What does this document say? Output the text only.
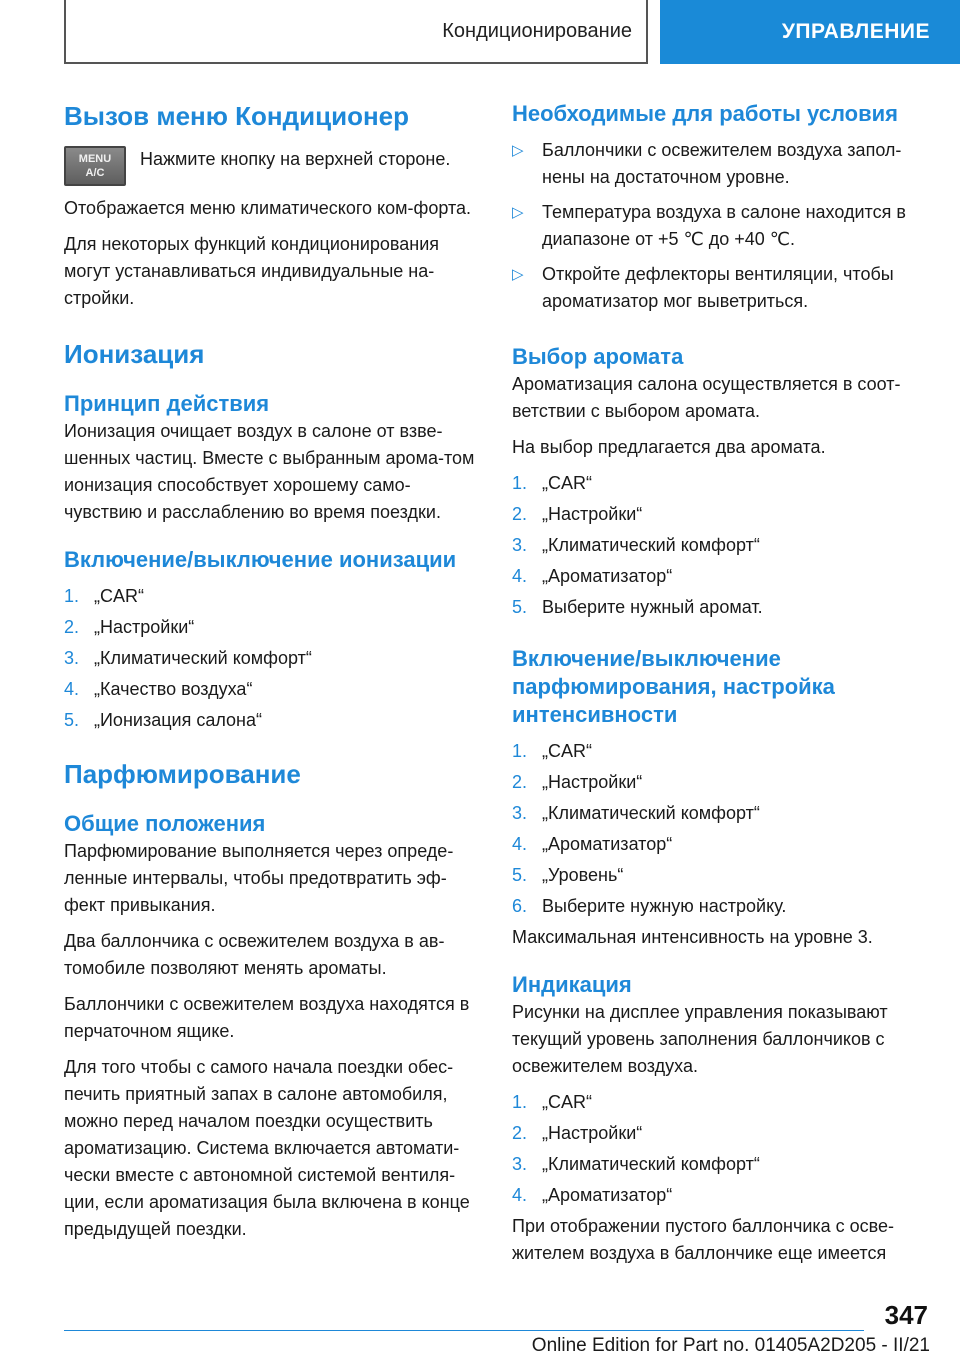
Кондиционирование	УПРАВЛЕНИЕ
Вызов меню Кондиционер
MENU
A/C

Нажмите кнопку на верхней стороне.

Отображается меню климатического ком-форта.

Для некоторых функций кондиционирования могут устанавливаться индивидуальные на-стройки.

Ионизация
Принцип действия

Ионизация очищает воздух в салоне от взве-шенных частиц. Вместе с выбранным арома-том ионизация способствует хорошему само-чувствию и расслаблению во время поездки.

Включение/выключение ионизации
1. „CAR“
2. „Настройки“
3. „Климатический комфорт“
4. „Качество воздуха“
5. „Ионизация салона“
Парфюмирование
Общие положения

Парфюмирование выполняется через опреде-ленные интервалы, чтобы предотвратить эф-фект привыкания.

Два баллончика с освежителем воздуха в ав-томобиле позволяют менять ароматы.

Баллончики с освежителем воздуха находятся в перчаточном ящике.

Для того чтобы с самого начала поездки обес-печить приятный запах в салоне автомобиля, можно перед началом поездки осуществить ароматизацию. Система включается автомати-чески вместе с автономной системой вентиля-ции, если ароматизация была включена в конце предыдущей поездки.

Необходимые для работы условия
▷	Баллончики с освежителем воздуха запол-нены на достаточном уровне.
▷	Температура воздуха в салоне находится в диапазоне от +5 ℃ до +40 ℃.
▷	Откройте дефлекторы вентиляции, чтобы ароматизатор мог выветриться.
Выбор аромата

Ароматизация салона осуществляется в соот-ветствии с выбором аромата.

На выбор предлагается два аромата.

1. „CAR“
2. „Настройки“
3. „Климатический комфорт“
4. „Ароматизатор“
5. Выберите нужный аромат.
Включение/выключение парфюмирования, настройка интенсивности
1. „CAR“
2. „Настройки“
3. „Климатический комфорт“
4. „Ароматизатор“
5. „Уровень“
6. Выберите нужную настройку.

Максимальная интенсивность на уровне 3.

Индикация

Рисунки на дисплее управления показывают текущий уровень заполнения баллончиков с освежителем воздуха.

1. „CAR“
2. „Настройки“
3. „Климатический комфорт“
4. „Ароматизатор“

При отображении пустого баллончика с осве-жителем воздуха в баллончике еще имеется

347
Online Edition for Part no. 01405A2D205 - II/21
